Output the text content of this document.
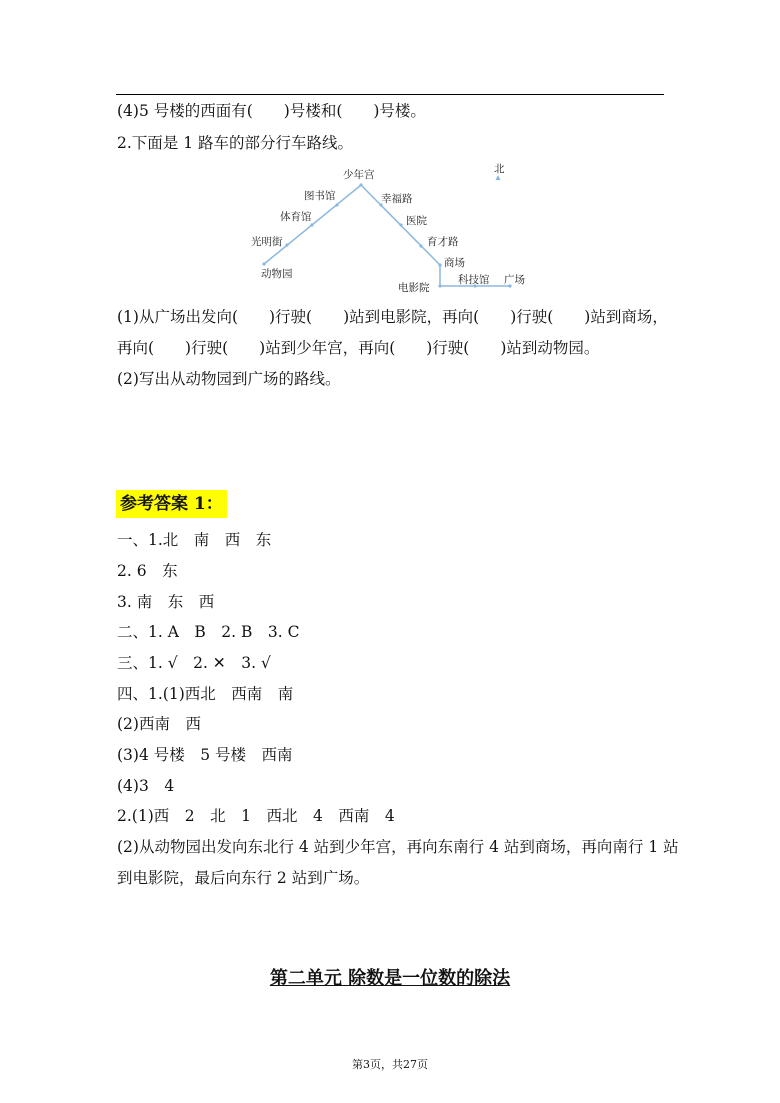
(4)5 号楼的西面有(　　)号楼和(　　)号楼。
2.下面是 1 路车的部分行车路线。
北
少年宫
图书馆
体育馆
光明街
动物园
幸福路
医院
育才路
商场
电影院
科技馆 广场
(1)从广场出发向(　　)行驶(　　)站到电影院，再向(　　)行驶(　　)站到商场，
再向(　　)行驶(　　)站到少年宫，再向(　　)行驶(　　)站到动物园。
(2)写出从动物园到广场的路线。
参考答案 1：
一、1.北　南　西　东
2. 6　东
3. 南　东　西
二、1. A　B　2. B　3. C
三、1. √　2. ✕　3. √
四、1.(1)西北　西南　南
(2)西南　西
(3)4 号楼　5 号楼　西南
(4)3　4
2.(1)西　2　北　1　西北　4　西南　4
(2)从动物园出发向东北行 4 站到少年宫，再向东南行 4 站到商场，再向南行 1 站
到电影院，最后向东行 2 站到广场。
第二单元 除数是一位数的除法
第3页，共27页
